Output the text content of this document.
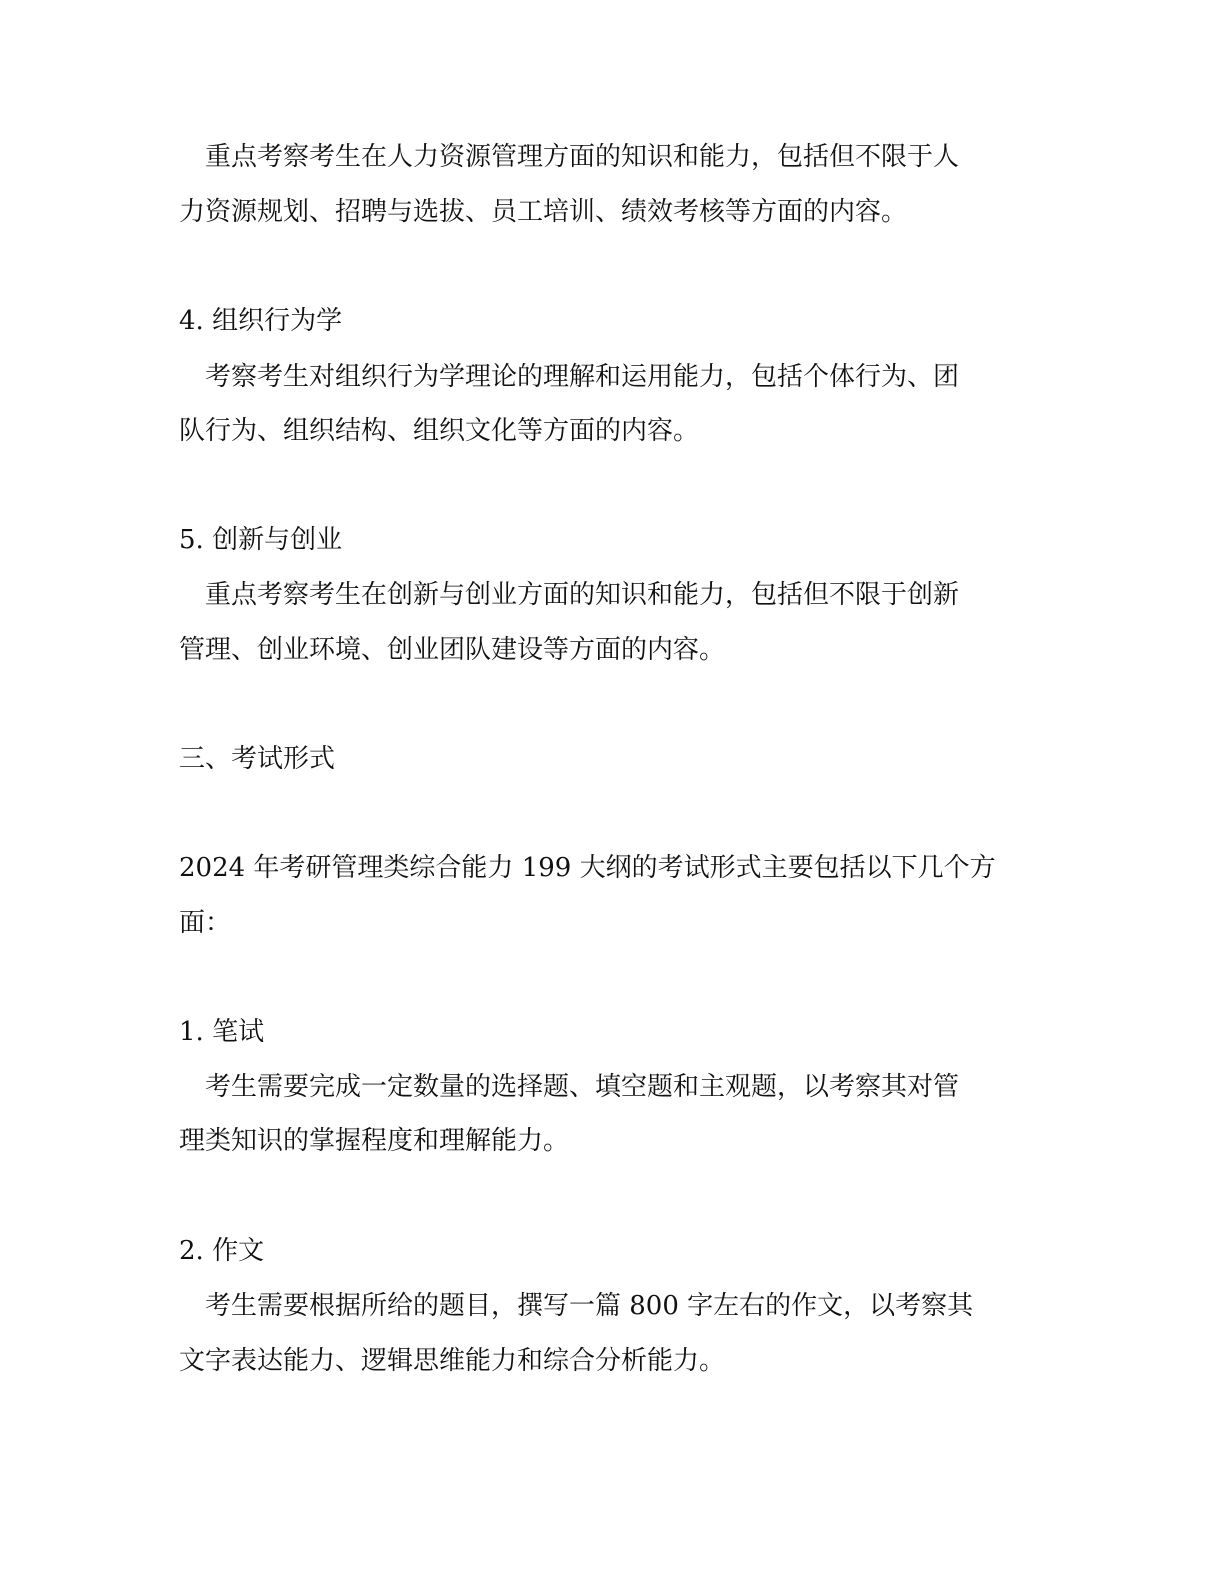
重点考察考生在人力资源管理方面的知识和能力，包括但不限于人

力资源规划、招聘与选拔、员工培训、绩效考核等方面的内容。

4. 组织行为学

考察考生对组织行为学理论的理解和运用能力，包括个体行为、团

队行为、组织结构、组织文化等方面的内容。

5. 创新与创业

重点考察考生在创新与创业方面的知识和能力，包括但不限于创新

管理、创业环境、创业团队建设等方面的内容。

三、考试形式

2024 年考研管理类综合能力 199 大纲的考试形式主要包括以下几个方

面：

1. 笔试

考生需要完成一定数量的选择题、填空题和主观题，以考察其对管

理类知识的掌握程度和理解能力。

2. 作文

考生需要根据所给的题目，撰写一篇 800 字左右的作文，以考察其

文字表达能力、逻辑思维能力和综合分析能力。
